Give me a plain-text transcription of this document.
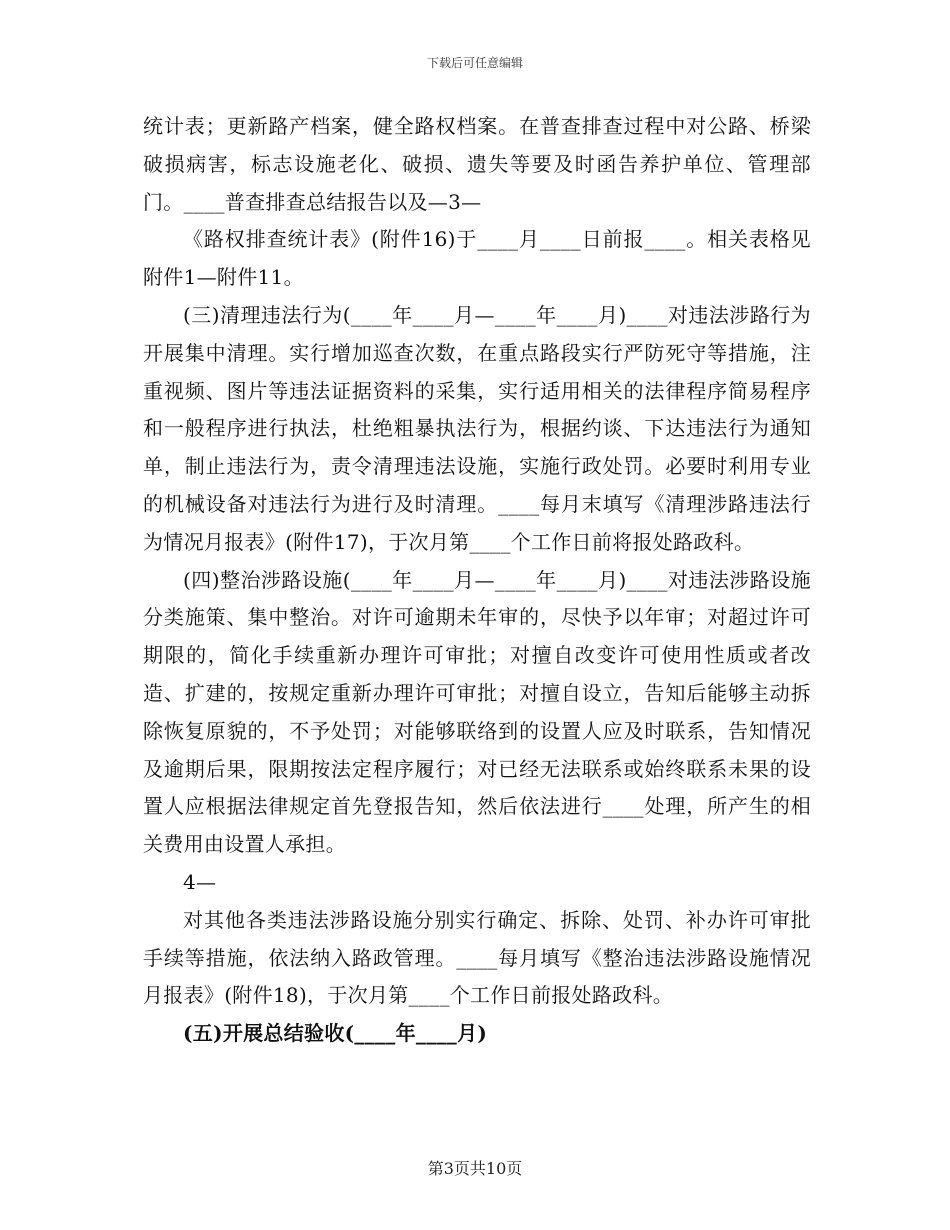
下载后可任意编辑

统计表；更新路产档案，健全路权档案。在普查排查过程中对公路、桥梁破损病害，标志设施老化、破损、遗失等要及时函告养护单位、管理部门。____普查排查总结报告以及—3—

《路权排查统计表》(附件16)于____月____日前报____。相关表格见附件1—附件11。

(三)清理违法行为(____年____月—____年____月)____对违法涉路行为开展集中清理。实行增加巡查次数，在重点路段实行严防死守等措施，注重视频、图片等违法证据资料的采集，实行适用相关的法律程序简易程序和一般程序进行执法，杜绝粗暴执法行为，根据约谈、下达违法行为通知单，制止违法行为，责令清理违法设施，实施行政处罚。必要时利用专业的机械设备对违法行为进行及时清理。____每月末填写《清理涉路违法行为情况月报表》(附件17)，于次月第____个工作日前将报处路政科。

(四)整治涉路设施(____年____月—____年____月)____对违法涉路设施分类施策、集中整治。对许可逾期未年审的，尽快予以年审；对超过许可期限的，简化手续重新办理许可审批；对擅自改变许可使用性质或者改造、扩建的，按规定重新办理许可审批；对擅自设立，告知后能够主动拆除恢复原貌的，不予处罚；对能够联络到的设置人应及时联系，告知情况及逾期后果，限期按法定程序履行；对已经无法联系或始终联系未果的设置人应根据法律规定首先登报告知，然后依法进行____处理，所产生的相关费用由设置人承担。

4—

对其他各类违法涉路设施分别实行确定、拆除、处罚、补办许可审批手续等措施，依法纳入路政管理。____每月填写《整治违法涉路设施情况月报表》(附件18)，于次月第____个工作日前报处路政科。

(五)开展总结验收(____年____月)

第3页共10页
